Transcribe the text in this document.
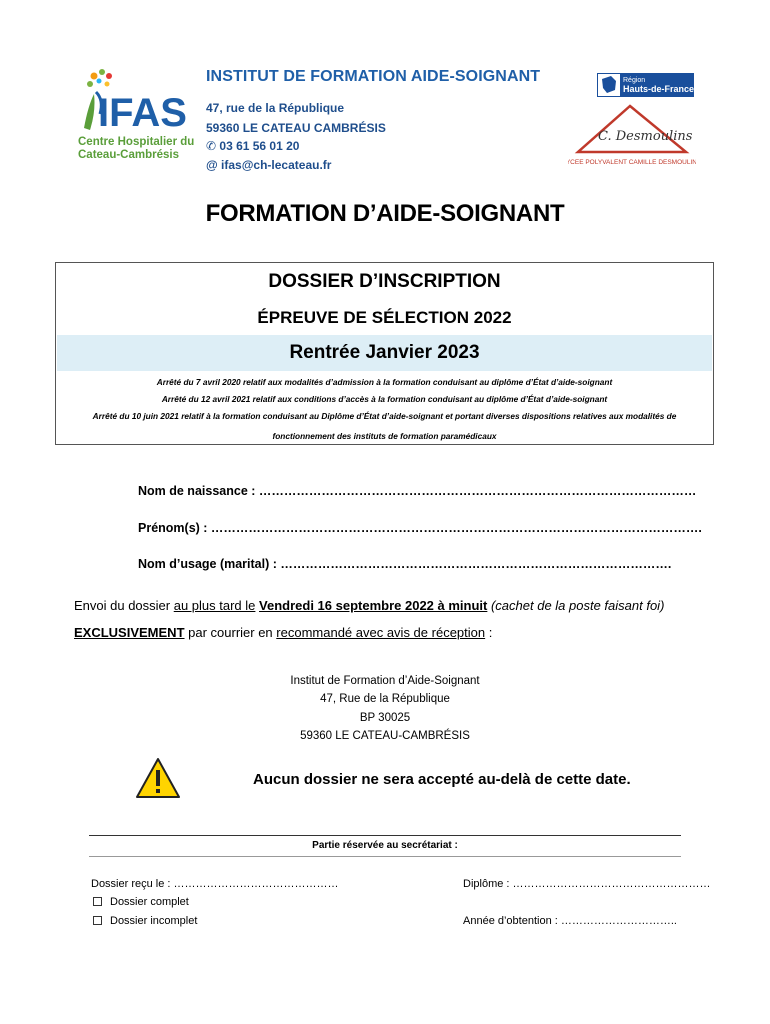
IFAS
Centre Hospitalier du
Cateau-Cambrésis
INSTITUT DE FORMATION AIDE-SOIGNANT
47, rue de la République
59360 LE CATEAU CAMBRÉSIS
✆ 03 61 56 01 20
@ ifas@ch-lecateau.fr
Région
Hauts-de-France
C. Desmoulins
LYCEE POLYVALENT CAMILLE DESMOULINS
FORMATION D’AIDE-SOIGNANT
DOSSIER D’INSCRIPTION
ÉPREUVE DE SÉLECTION 2022
Rentrée Janvier 2023
Arrêté du 7 avril 2020 relatif aux modalités d’admission à la formation conduisant au diplôme d’État d’aide-soignant
Arrêté du 12 avril 2021 relatif aux conditions d’accès à la formation conduisant au diplôme d’État d’aide-soignant
Arrêté du 10 juin 2021 relatif à la formation conduisant au Diplôme d’État d’aide-soignant et portant diverses dispositions relatives aux modalités de
fonctionnement des instituts de formation paramédicaux
Nom de naissance : ……………………………………………………………………………………………
Prénom(s) : ……………………………………………………………………………………………………….
Nom d’usage (marital) : ………………………………………………………………………………….
Envoi du dossier au plus tard le Vendredi 16 septembre 2022 à minuit (cachet de la poste faisant foi)
EXCLUSIVEMENT par courrier en recommandé avec avis de réception :
Institut de Formation d’Aide-Soignant
47, Rue de la République
BP 30025
59360 LE CATEAU-CAMBRÉSIS
Aucun dossier ne sera accepté au-delà de cette date.
Partie réservée au secrétariat :
Dossier reçu le : ………………………………………
Dossier complet
Dossier incomplet
Diplôme : ………………………………………………
Année d’obtention : …………………………..
